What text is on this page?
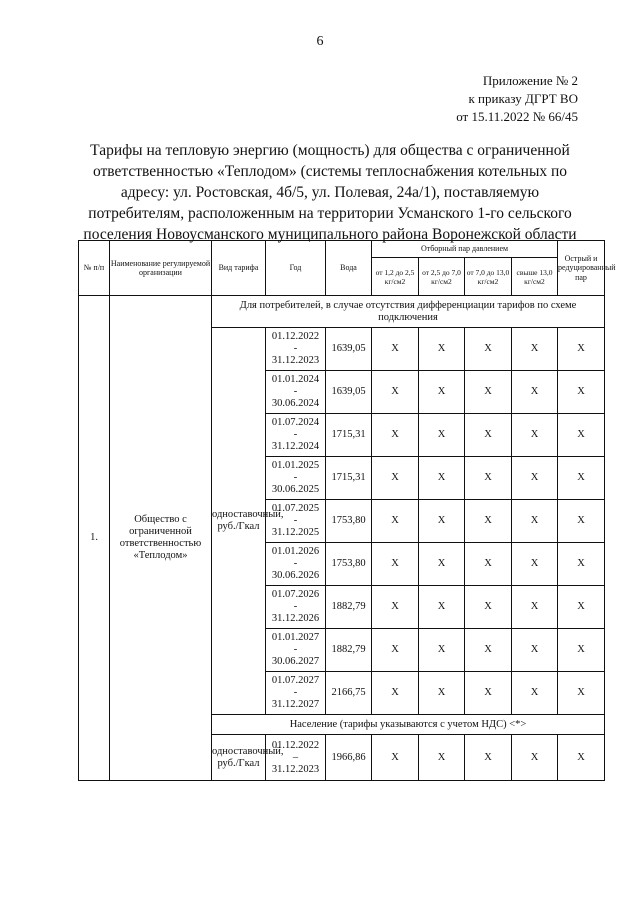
6
Приложение № 2
к приказу ДГРТ ВО
от 15.11.2022 № 66/45
Тарифы на тепловую энергию (мощность) для общества с ограниченной
ответственностью «Теплодом» (системы теплоснабжения котельных по
адресу: ул. Ростовская, 4б/5, ул. Полевая, 24а/1), поставляемую
потребителям, расположенным на территории Усманского 1-го сельского
поселения Новоусманского муниципального района Воронежской области
№ п/п	Наименование регулируемой организации	Вид тарифа	Год	Вода	Отборный пар давлением				Острый и редуцированный пар
					от 1,2 до 2,5 кг/см2	от 2,5 до 7,0 кг/см2	от 7,0 до 13,0 кг/см2	свыше 13,0 кг/см2	
1.	Общество с ограниченной ответственностью «Теплодом»	Для потребителей, в случае отсутствия дифференциации тарифов по схеме подключения							
		одноставочный, руб./Гкал	01.12.2022
-
31.12.2023	1639,05	Х	Х	Х	Х	Х

			01.01.2024
-
30.06.2024	1639,05	Х	Х	Х	Х	Х

			01.07.2024
-
31.12.2024	1715,31	Х	Х	Х	Х	Х

			01.01.2025
-
30.06.2025	1715,31	Х	Х	Х	Х	Х

			01.07.2025
-
31.12.2025	1753,80	Х	Х	Х	Х	Х

			01.01.2026
-
30.06.2026	1753,80	Х	Х	Х	Х	Х

			01.07.2026
-
31.12.2026	1882,79	Х	Х	Х	Х	Х

			01.01.2027
-
30.06.2027	1882,79	Х	Х	Х	Х	Х

			01.07.2027
-
31.12.2027	2166,75	Х	Х	Х	Х	Х
		Население (тарифы указываются с учетом НДС) <*>							
		одноставочный, руб./Гкал	01.12.2022
–
31.12.2023	1966,86	Х	Х	Х	Х	Х
